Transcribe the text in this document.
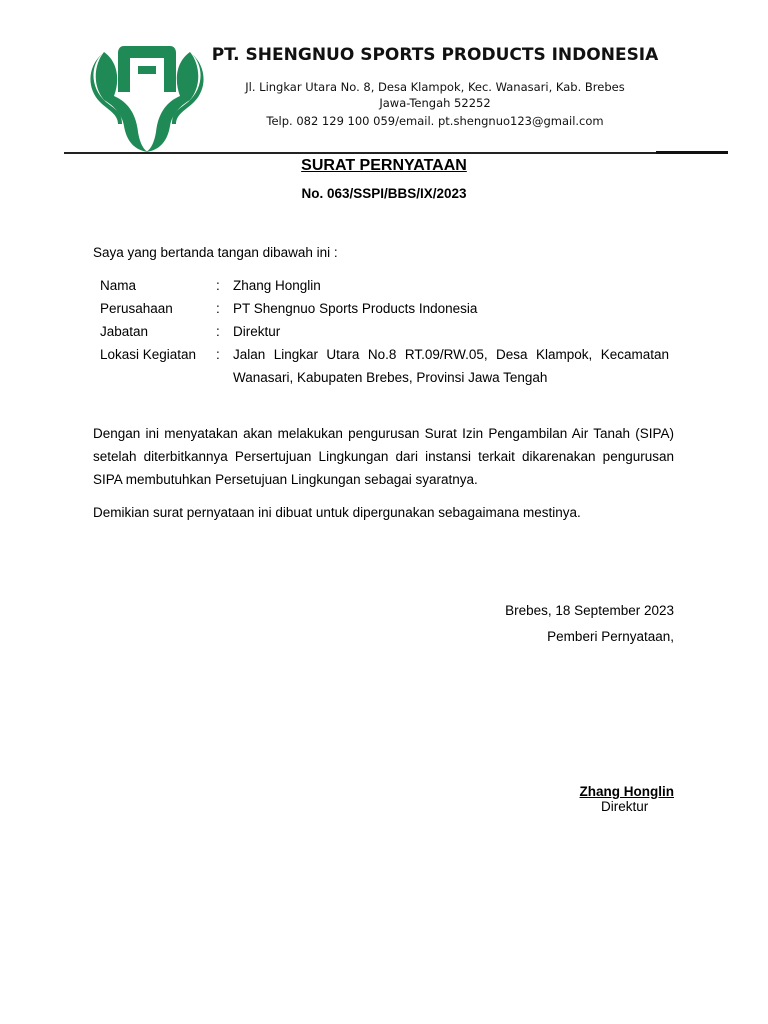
PT. SHENGNUO SPORTS PRODUCTS INDONESIA
Jl. Lingkar Utara No. 8, Desa Klampok, Kec. Wanasari, Kab. Brebes
Jawa-Tengah 52252
Telp. 082 129 100 059/email. pt.shengnuo123@gmail.com
SURAT PERNYATAAN
No. 063/SSPI/BBS/IX/2023
Saya yang bertanda tangan dibawah ini :
Nama	: Zhang Honglin
Perusahaan	: PT Shengnuo Sports Products Indonesia
Jabatan	: Direktur
Lokasi Kegiatan : Jalan Lingkar Utara No.8 RT.09/RW.05, Desa Klampok, Kecamatan Wanasari, Kabupaten Brebes, Provinsi Jawa Tengah
Dengan ini menyatakan akan melakukan pengurusan Surat Izin Pengambilan Air Tanah (SIPA) setelah diterbitkannya Persertujuan Lingkungan dari instansi terkait dikarenakan pengurusan SIPA membutuhkan Persetujuan Lingkungan sebagai syaratnya.
Demikian surat pernyataan ini dibuat untuk dipergunakan sebagaimana mestinya.
Brebes, 18 September 2023
Pemberi Pernyataan,
Zhang Honglin
Direktur
